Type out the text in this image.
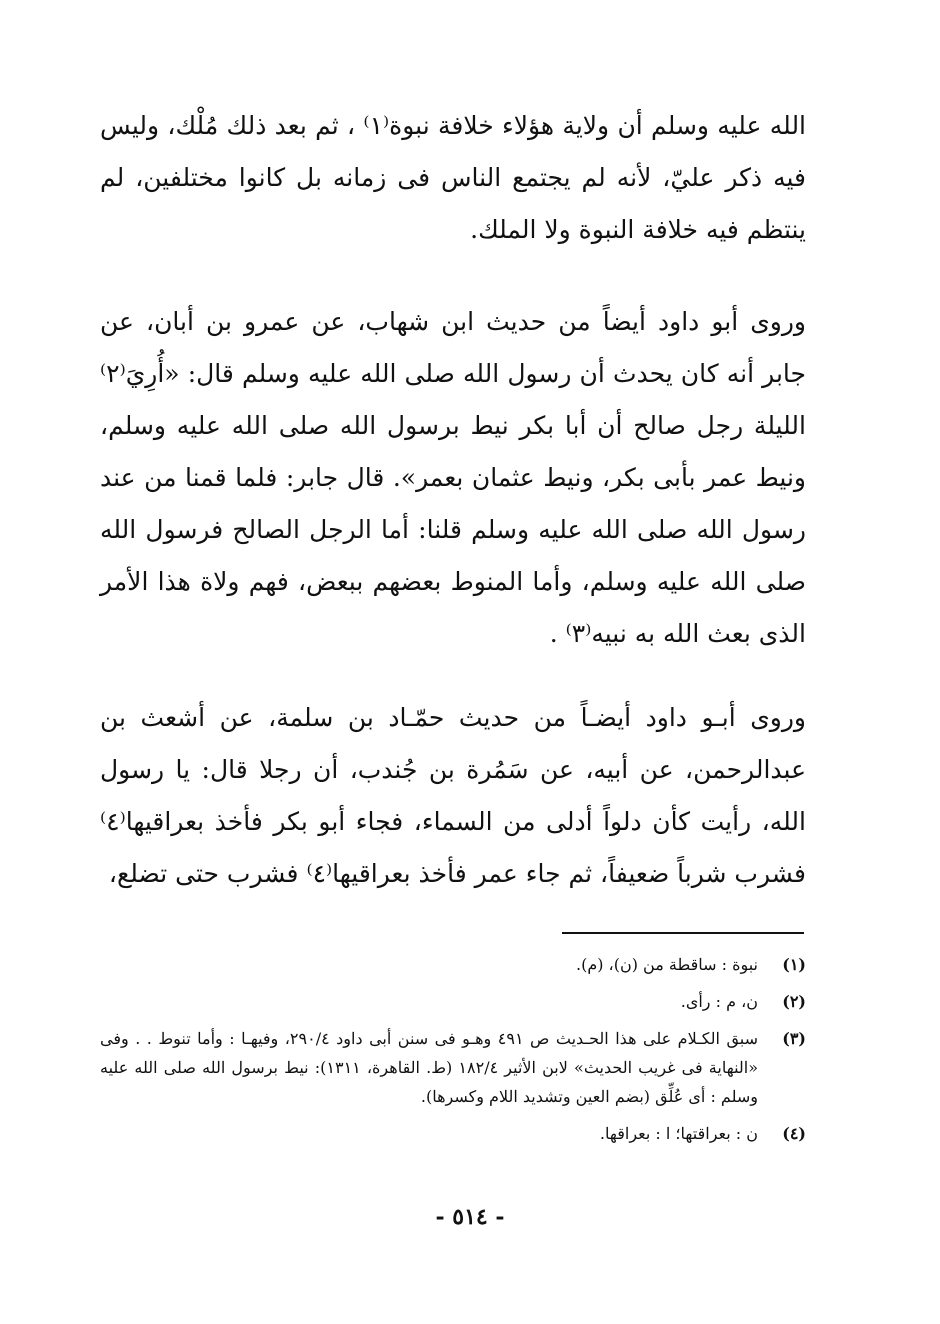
الله عليه وسلم أن ولاية هؤلاء خلافة نبوة⁽١⁾ ، ثم بعد ذلك مُلْك، وليس فيه ذكر عليّ، لأنه لم يجتمع الناس فى زمانه بل كانوا مختلفين، لم ينتظم فيه خلافة النبوة ولا الملك.

وروى أبو داود أيضاً من حديث ابن شهاب، عن عمرو بن أبان، عن جابر أنه كان يحدث أن رسول الله صلى الله عليه وسلم قال: «أُرِيَ⁽٢⁾ الليلة رجل صالح أن أبا بكر نيط برسول الله صلى الله عليه وسلم، ونيط عمر بأبى بكر، ونيط عثمان بعمر». قال جابر: فلما قمنا من عند رسول الله صلى الله عليه وسلم قلنا: أما الرجل الصالح فرسول الله صلى الله عليه وسلم، وأما المنوط بعضهم ببعض، فهم ولاة هذا الأمر الذى بعث الله به نبيه⁽٣⁾ .

وروى أبـو داود أيضـاً من حديث حمّـاد بن سلمة، عن أشعث بن عبدالرحمن، عن أبيه، عن سَمُرة بن جُندب، أن رجلا قال: يا رسول الله، رأيت كأن دلواً أدلى من السماء، فجاء أبو بكر فأخذ بعراقيها⁽٤⁾ فشرب شرباً ضعيفاً، ثم جاء عمر فأخذ بعراقيها⁽٤⁾ فشرب حتى تضلع،

(١)
نبوة : ساقطة من (ن)، (م).
(٢)
ن، م : رأى.
(٣)
سبق الكـلام على هذا الحـديث ص ٤٩١ وهـو فى سنن أبى داود ٢٩٠/٤، وفيهـا : وأما تنوط . . وفى «النهاية فى غريب الحديث» لابن الأثير ١٨٢/٤ (ط. القاهرة، ١٣١١): نيط برسول الله صلى الله عليه وسلم : أى عُلِّق (بضم العين وتشديد اللام وكسرها).
(٤)
ن : بعراقتها؛ ا : بعراقها.
- ٥١٤ -
